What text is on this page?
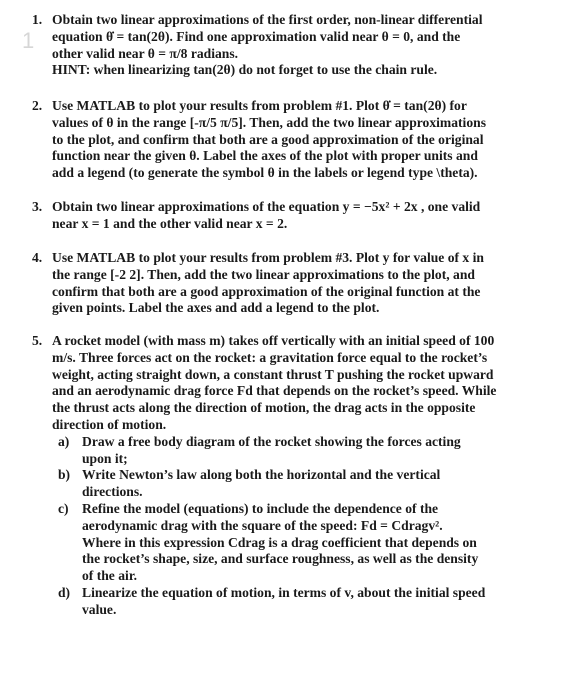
1
1. Obtain two linear approximations of the first order, non-linear differential
equation θ̇ = tan(2θ). Find one approximation valid near θ = 0, and the
other valid near θ = π/8 radians.
HINT: when linearizing tan(2θ) do not forget to use the chain rule.
2. Use MATLAB to plot your results from problem #1. Plot θ̇ = tan(2θ) for
values of θ in the range [-π/5 π/5]. Then, add the two linear approximations
to the plot, and confirm that both are a good approximation of the original
function near the given θ. Label the axes of the plot with proper units and
add a legend (to generate the symbol θ in the labels or legend type \theta).
3. Obtain two linear approximations of the equation y = −5x² + 2x , one valid
near x = 1 and the other valid near x = 2.
4. Use MATLAB to plot your results from problem #3. Plot y for value of x in
the range [-2 2]. Then, add the two linear approximations to the plot, and
confirm that both are a good approximation of the original function at the
given points. Label the axes and add a legend to the plot.
5. A rocket model (with mass m) takes off vertically with an initial speed of 100
m/s. Three forces act on the rocket: a gravitation force equal to the rocket’s
weight, acting straight down, a constant thrust T pushing the rocket upward
and an aerodynamic drag force Fd that depends on the rocket’s speed. While
the thrust acts along the direction of motion, the drag acts in the opposite
direction of motion.
a) Draw a free body diagram of the rocket showing the forces acting
upon it;
b) Write Newton’s law along both the horizontal and the vertical
directions.
c) Refine the model (equations) to include the dependence of the
aerodynamic drag with the square of the speed: Fd = Cdragv².
Where in this expression Cdrag is a drag coefficient that depends on
the rocket’s shape, size, and surface roughness, as well as the density
of the air.
d) Linearize the equation of motion, in terms of v, about the initial speed
value.
